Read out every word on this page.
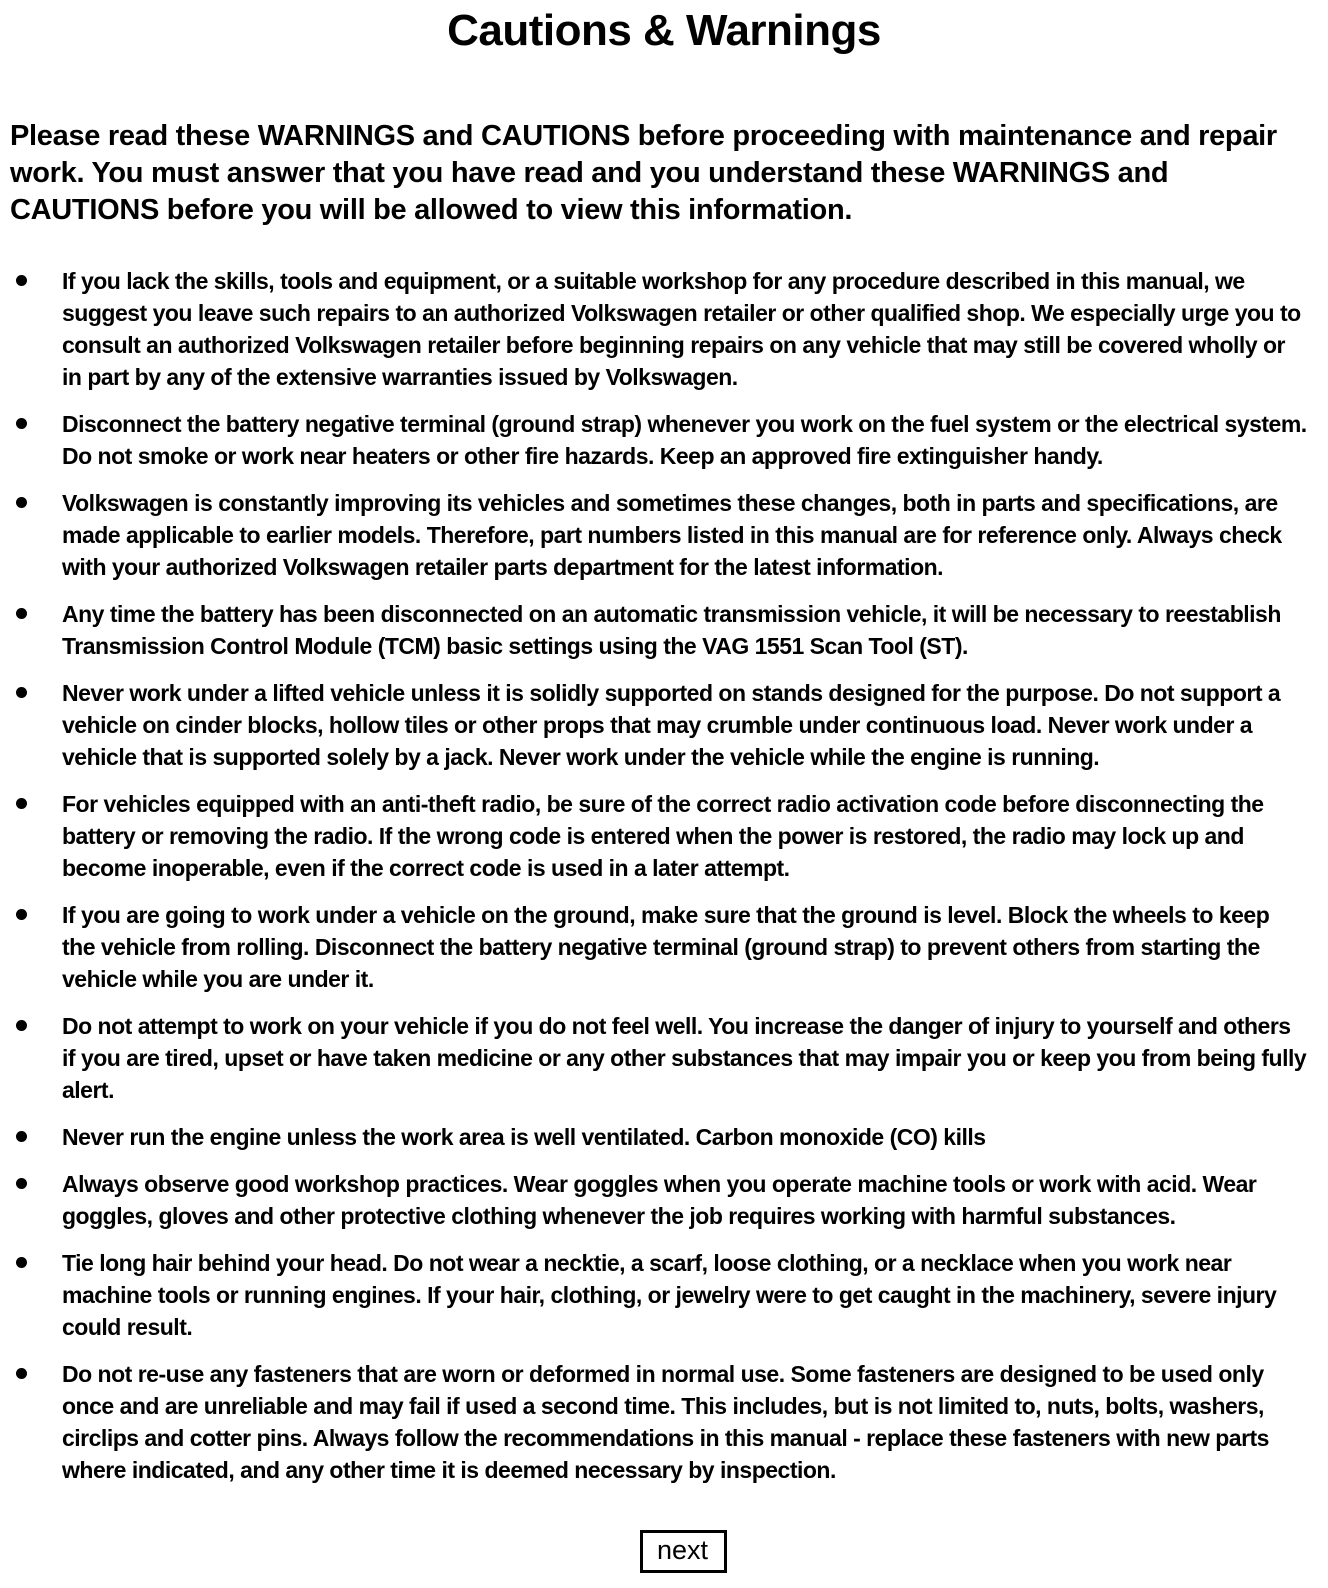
Cautions & Warnings

Please read these WARNINGS and CAUTIONS before proceeding with maintenance and repair work. You must answer that you have read and you understand these WARNINGS and CAUTIONS before you will be allowed to view this information.

If you lack the skills, tools and equipment, or a suitable workshop for any procedure described in this manual, we suggest you leave such repairs to an authorized Volkswagen retailer or other qualified shop. We especially urge you to consult an authorized Volkswagen retailer before beginning repairs on any vehicle that may still be covered wholly or in part by any of the extensive warranties issued by Volkswagen.
Disconnect the battery negative terminal (ground strap) whenever you work on the fuel system or the electrical system. Do not smoke or work near heaters or other fire hazards. Keep an approved fire extinguisher handy.
Volkswagen is constantly improving its vehicles and sometimes these changes, both in parts and specifications, are made applicable to earlier models. Therefore, part numbers listed in this manual are for reference only. Always check with your authorized Volkswagen retailer parts department for the latest information.
Any time the battery has been disconnected on an automatic transmission vehicle, it will be necessary to reestablish Transmission Control Module (TCM) basic settings using the VAG 1551 Scan Tool (ST).
Never work under a lifted vehicle unless it is solidly supported on stands designed for the purpose. Do not support a vehicle on cinder blocks, hollow tiles or other props that may crumble under continuous load. Never work under a vehicle that is supported solely by a jack. Never work under the vehicle while the engine is running.
For vehicles equipped with an anti-theft radio, be sure of the correct radio activation code before disconnecting the battery or removing the radio. If the wrong code is entered when the power is restored, the radio may lock up and become inoperable, even if the correct code is used in a later attempt.
If you are going to work under a vehicle on the ground, make sure that the ground is level. Block the wheels to keep the vehicle from rolling. Disconnect the battery negative terminal (ground strap) to prevent others from starting the vehicle while you are under it.
Do not attempt to work on your vehicle if you do not feel well. You increase the danger of injury to yourself and others if you are tired, upset or have taken medicine or any other substances that may impair you or keep you from being fully alert.
Never run the engine unless the work area is well ventilated. Carbon monoxide (CO) kills
Always observe good workshop practices. Wear goggles when you operate machine tools or work with acid. Wear goggles, gloves and other protective clothing whenever the job requires working with harmful substances.
Tie long hair behind your head. Do not wear a necktie, a scarf, loose clothing, or a necklace when you work near machine tools or running engines. If your hair, clothing, or jewelry were to get caught in the machinery, severe injury could result.
Do not re-use any fasteners that are worn or deformed in normal use. Some fasteners are designed to be used only once and are unreliable and may fail if used a second time. This includes, but is not limited to, nuts, bolts, washers, circlips and cotter pins. Always follow the recommendations in this manual - replace these fasteners with new parts where indicated, and any other time it is deemed necessary by inspection.
next
